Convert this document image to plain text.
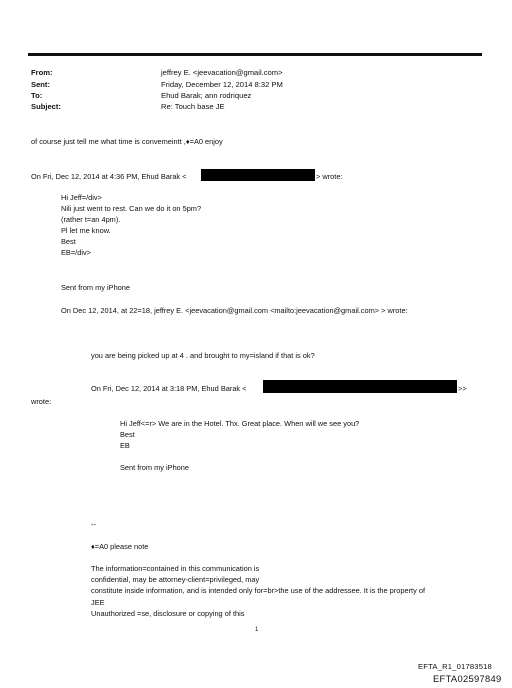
From:	jeffrey E. <jeevacation@gmail.com>
Sent:	Friday, December 12, 2014 8:32 PM
To:	Ehud Barak; ann rodriquez
Subject:	Re: Touch base JE
of course just tell me what time is convemeintt ,♦=A0 enjoy
On Fri, Dec 12, 2014 at 4:36 PM, Ehud Barak <	> wrote:
Hi Jeff=/div>
Nili just went to rest. Can we do it on 5pm?
(rather t=an 4pm).
Pl let me know.
Best
EB=/div>
Sent from my iPhone
On Dec 12, 2014, at 22=18, jeffrey E. <jeevacation@gmail.com <mailto:jeevacation@gmail.com> > wrote:
you are being picked up at 4 . and brought to my=island if that is ok?
On Fri, Dec 12, 2014 at 3:18 PM, Ehud Barak <	>>
wrote:
Hi Jeff<=r> We are in the Hotel. Thx. Great place. When will we see you?
Best
EB
Sent from my iPhone
--
♦=A0 please note
The information=contained in this communication is
confidential, may be attorney-client=privileged, may
constitute inside information, and is intended only for=br>the use of the addressee. It is the property of
JEE
Unauthorized =se, disclosure or copying of this
1
EFTA_R1_01783518
EFTA02597849
